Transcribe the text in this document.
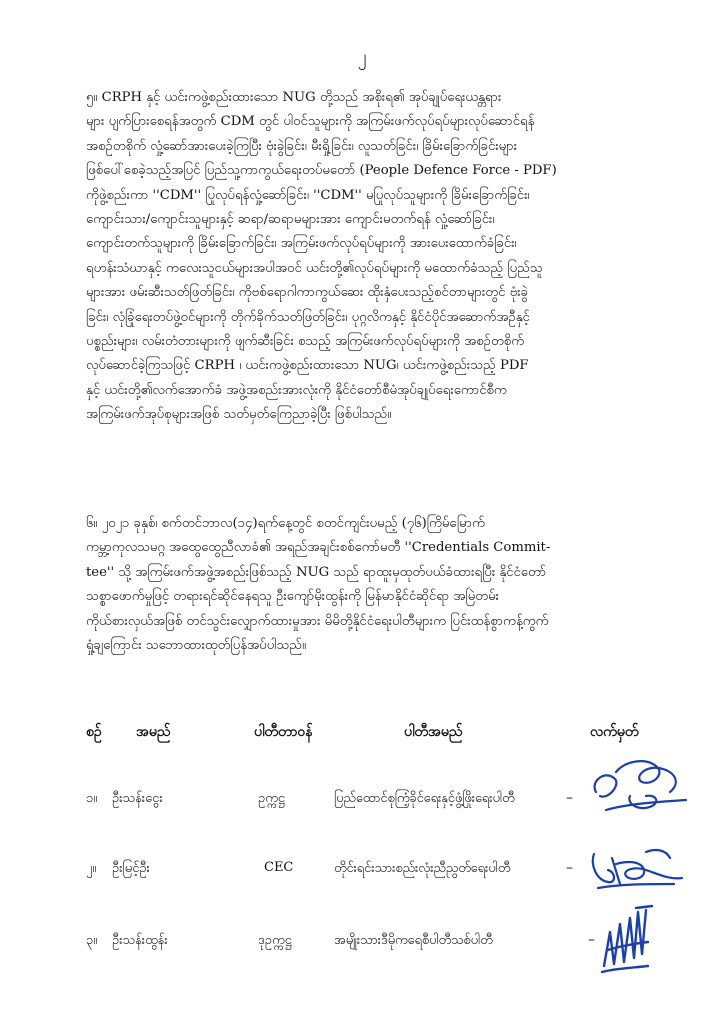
၂
၅။ CRPH နှင့် ယင်းကဖွဲ့စည်းထားသော NUG တို့သည် အစိုးရ၏ အုပ်ချုပ်ရေးယန္တရား
များ ပျက်ပြားစေရန်အတွက် CDM တွင် ပါဝင်သူများကို အကြမ်းဖက်လုပ်ရပ်များလုပ်ဆောင်ရန်
အစဉ်တစိုက် လှုံ့ဆော်အားပေးခဲ့ကြပြီး ဗုံးခွဲခြင်း၊ မီးရှို့ခြင်း၊ လူသတ်ခြင်း၊ ခြိမ်းခြောက်ခြင်းများ
ဖြစ်ပေါ်စေခဲ့သည့်အပြင် ပြည်သူ့ကာကွယ်ရေးတပ်မတော် (People Defence Force - PDF)
ကိုဖွဲ့စည်းကာ ''CDM'' ပြုလုပ်ရန်လှုံ့ဆော်ခြင်း၊ ''CDM'' မပြုလုပ်သူများကို ခြိမ်းခြောက်ခြင်း၊
ကျောင်းသား/ကျောင်းသူများနှင့် ဆရာ/ဆရာမများအား ကျောင်းမတက်ရန် လှုံ့ဆော်ခြင်း၊
ကျောင်းတက်သူများကို ခြိမ်းခြောက်ခြင်း၊ အကြမ်းဖက်လုပ်ရပ်များကို အားပေးထောက်ခံခြင်း၊
ရဟန်းသံဃာနှင့် ကလေးသူငယ်များအပါအဝင် ယင်းတို့၏လုပ်ရပ်များကို မထောက်ခံသည့် ပြည်သူ
များအား ဖမ်းဆီးသတ်ဖြတ်ခြင်း၊ ကိုဗစ်ရောဂါကာကွယ်ဆေး ထိုးနှံပေးသည့်စင်တာများတွင် ဗုံးခွဲ
ခြင်း၊ လုံခြုံရေးတပ်ဖွဲ့ဝင်များကို တိုက်ခိုက်သတ်ဖြတ်ခြင်း၊ ပုဂ္ဂလိကနှင့် နိုင်ငံပိုင်အဆောက်အဦနှင့်
ပစ္စည်းများ၊ လမ်းတံတားများကို ဖျက်ဆီးခြင်း စသည့် အကြမ်းဖက်လုပ်ရပ်များကို အစဉ်တစိုက်
လုပ်ဆောင်ခဲ့ကြသဖြင့် CRPH ၊ ယင်းကဖွဲ့စည်းထားသော NUG၊ ယင်းကဖွဲ့စည်းသည့် PDF
နှင့် ယင်းတို့၏လက်အောက်ခံ အဖွဲ့အစည်းအားလုံးကို နိုင်ငံတော်စီမံအုပ်ချုပ်ရေးကောင်စီက
အကြမ်းဖက်အုပ်စုများအဖြစ် သတ်မှတ်ကြေညာခဲ့ပြီး ဖြစ်ပါသည်။
၆။ ၂၀၂၁ ခုနှစ်၊ စက်တင်ဘာလ(၁၄)ရက်နေ့တွင် စတင်ကျင်းပမည့် (၇၆)ကြိမ်မြောက်
ကမ္ဘာ့ကုလသမဂ္ဂ အထွေထွေညီလာခံ၏ အရည်အချင်းစစ်ကော်မတီ ''Credentials Commit-
tee'' သို့ အကြမ်းဖက်အဖွဲ့အစည်းဖြစ်သည့် NUG သည် ရာထူးမှထုတ်ပယ်ခံထားရပြီး နိုင်ငံတော်
သစ္စာဖောက်မှုဖြင့် တရားရင်ဆိုင်နေရသူ ဦးကျော်မိုးထွန်းကို မြန်မာနိုင်ငံဆိုင်ရာ အမြဲတမ်း
ကိုယ်စားလှယ်အဖြစ် တင်သွင်းလျှောက်ထားမှုအား မိမိတို့နိုင်ငံရေးပါတီများက ပြင်းထန်စွာကန့်ကွက်
ရှုံ့ချကြောင်း သဘောထားထုတ်ပြန်အပ်ပါသည်။
စဉ် အမည်	ပါတီတာဝန်	ပါတီအမည်	လက်မှတ်
၁။ ဦးသန်းငွေး	ဥက္ကဋ္ဌ	ပြည်ထောင်စုကြံ့ခိုင်ရေးနှင့်ဖွံ့ဖြိုးရေးပါတီ	–
၂။ ဦးမြင့်ဦး	CEC	တိုင်းရင်းသားစည်းလုံးညီညွတ်ရေးပါတီ	–
၃။ ဦးသန်းထွန်း	ဒုဥက္ကဋ္ဌ	အမျိုးသားဒီမိုကရေစီပါတီသစ်ပါတီ	–
